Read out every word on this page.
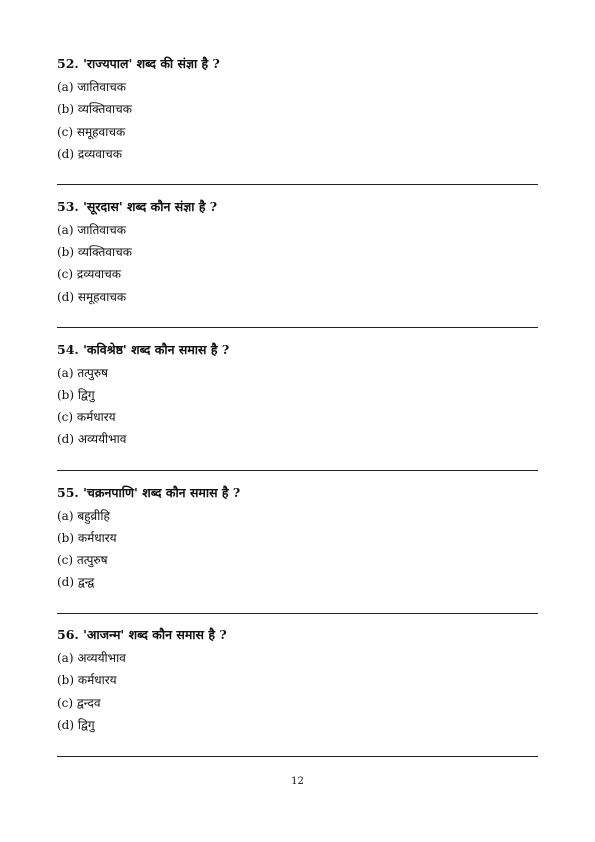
52. 'राज्यपाल' शब्द की संज्ञा है ?

(a) जातिवाचक
(b) व्यक्तिवाचक
(c) समूहवाचक
(d) द्रव्यवाचक

53. 'सूरदास' शब्द कौन संज्ञा है ?

(a) जातिवाचक
(b) व्यक्तिवाचक
(c) द्रव्यवाचक
(d) समूहवाचक

54. 'कविश्रेष्ठ' शब्द कौन समास है ?

(a) तत्पुरुष
(b) द्विगु
(c) कर्मधारय
(d) अव्ययीभाव

55. 'चक्रनपाणि' शब्द कौन समास है ?

(a) बहुव्रीहि
(b) कर्मधारय
(c) तत्पुरुष
(d) द्वन्द्व

56. 'आजन्म' शब्द कौन समास है ?

(a) अव्ययीभाव
(b) कर्मधारय
(c) द्वन्दव
(d) द्विगु
12
